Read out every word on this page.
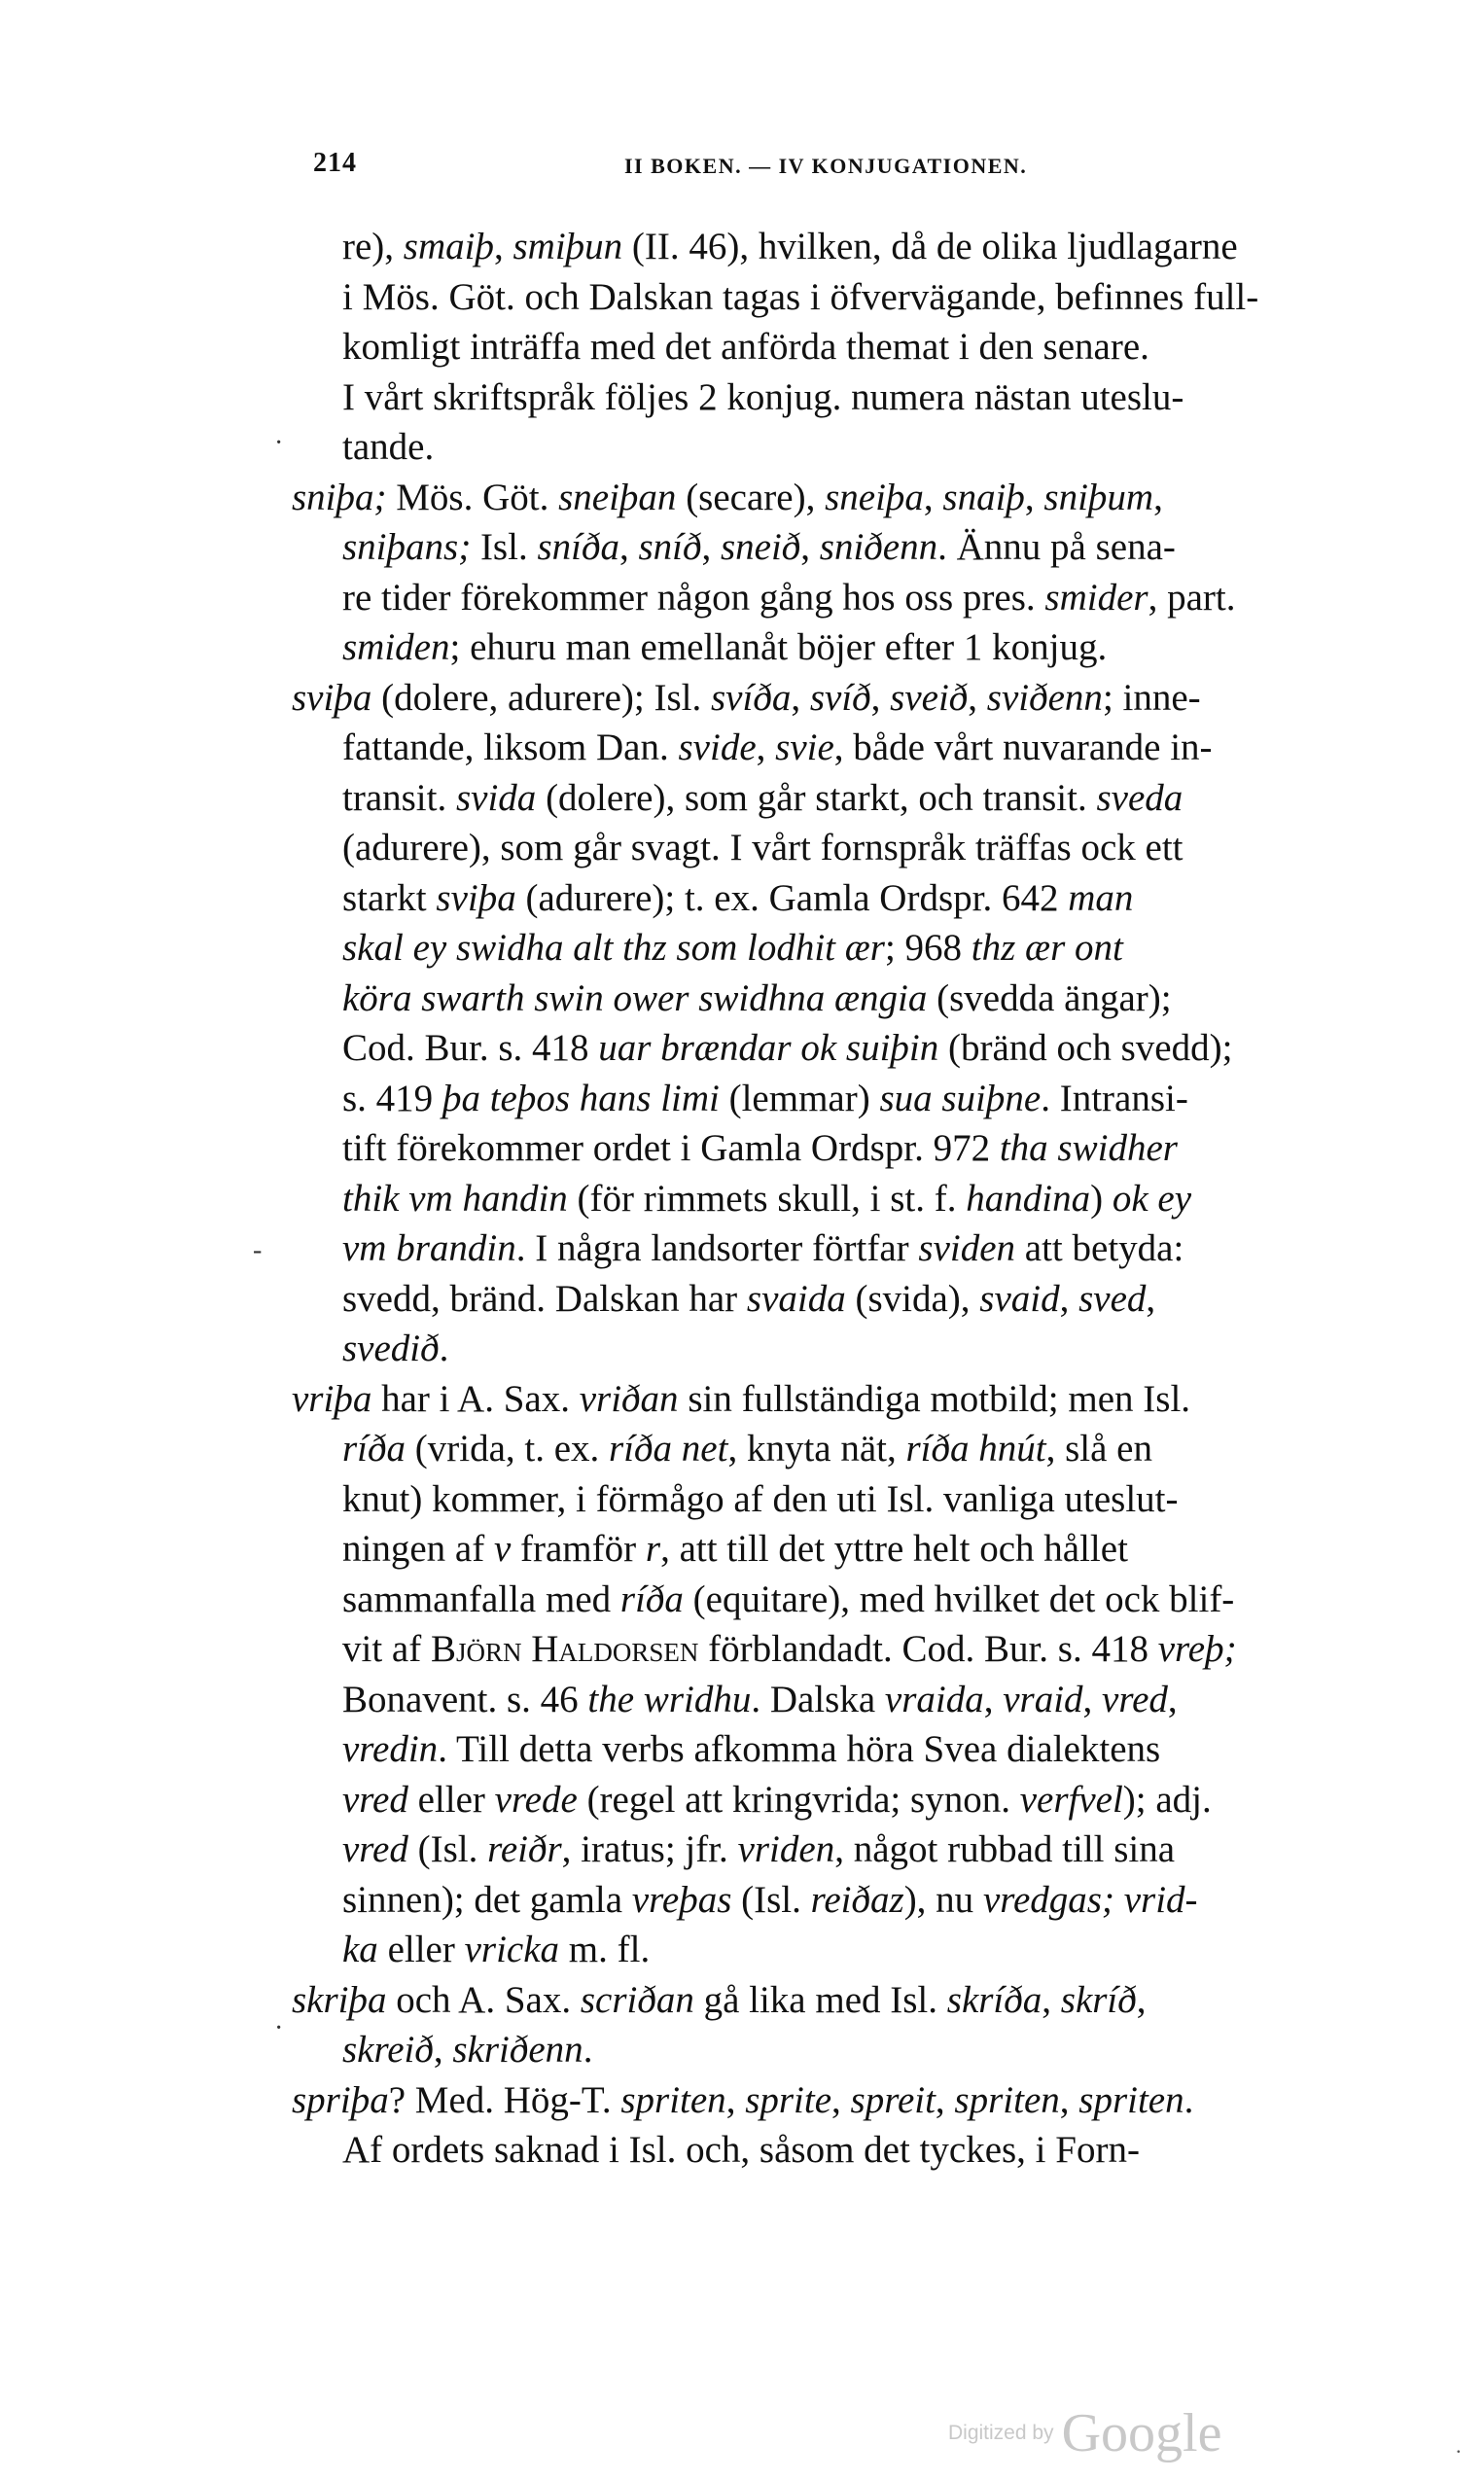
214	II BOKEN. — IV KONJUGATIONEN.
re), smaiþ, smiþun (II. 46), hvilken, då de olika ljudlagarne
i Mös. Göt. och Dalskan tagas i öfvervägande, befinnes full-
komligt inträffa med det anförda themat i den senare.
I vårt skriftspråk följes 2 konjug. numera nästan uteslu-
tande.
sniþa; Mös. Göt. sneiþan (secare), sneiþa, snaiþ, sniþum,
sniþans; Isl. sníða, sníð, sneið, sniðenn. Ännu på sena-
re tider förekommer någon gång hos oss pres. smider, part.
smiden; ehuru man emellanåt böjer efter 1 konjug.
sviþa (dolere, adurere); Isl. svíða, svíð, sveið, sviðenn; inne-
fattande, liksom Dan. svide, svie, både vårt nuvarande in-
transit. svida (dolere), som går starkt, och transit. sveda
(adurere), som går svagt. I vårt fornspråk träffas ock ett
starkt sviþa (adurere); t. ex. Gamla Ordspr. 642 man
skal ey swidha alt thz som lodhit ær; 968 thz ær ont
köra swarth swin ower swidhna ængia (svedda ängar);
Cod. Bur. s. 418 uar brændar ok suiþin (bränd och svedd);
s. 419 þa teþos hans limi (lemmar) sua suiþne. Intransi-
tift förekommer ordet i Gamla Ordspr. 972 tha swidher
thik vm handin (för rimmets skull, i st. f. handina) ok ey
vm brandin. I några landsorter förtfar sviden att betyda:
svedd, bränd. Dalskan har svaida (svida), svaid, sved,
svedið.
vriþa har i A. Sax. vriðan sin fullständiga motbild; men Isl.
ríða (vrida, t. ex. ríða net, knyta nät, ríða hnút, slå en
knut) kommer, i förmågo af den uti Isl. vanliga uteslut-
ningen af v framför r, att till det yttre helt och hållet
sammanfalla med ríða (equitare), med hvilket det ock blif-
vit af Björn Haldorsen förblandadt. Cod. Bur. s. 418 vreþ;
Bonavent. s. 46 the wridhu. Dalska vraida, vraid, vred,
vredin. Till detta verbs afkomma höra Svea dialektens
vred eller vrede (regel att kringvrida; synon. verfvel); adj.
vred (Isl. reiðr, iratus; jfr. vriden, något rubbad till sina
sinnen); det gamla vreþas (Isl. reiðaz), nu vredgas; vrid-
ka eller vricka m. fl.
skriþa och A. Sax. scriðan gå lika med Isl. skríða, skríð,
skreið, skriðenn.
spriþa? Med. Hög-T. spriten, sprite, spreit, spriten, spriten.
Af ordets saknad i Isl. och, såsom det tyckes, i Forn-
·
-
·
Digitized by Google	.
